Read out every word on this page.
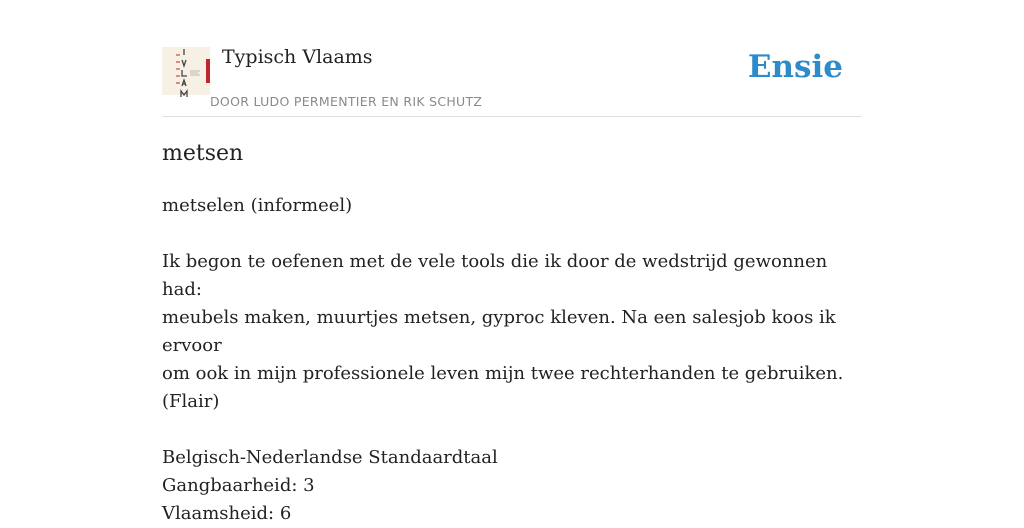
Typisch Vlaams
DOOR LUDO PERMENTIER EN RIK SCHUTZ
Ensie
metsen

metselen (informeel)

Ik begon te oefenen met de vele tools die ik door de wedstrijd gewonnen had:

meubels maken, muurtjes metsen, gyproc kleven. Na een salesjob koos ik ervoor

om ook in mijn professionele leven mijn twee rechterhanden te gebruiken.

(Flair)

Belgisch-Nederlandse Standaardtaal

Gangbaarheid: 3

Vlaamsheid: 6
